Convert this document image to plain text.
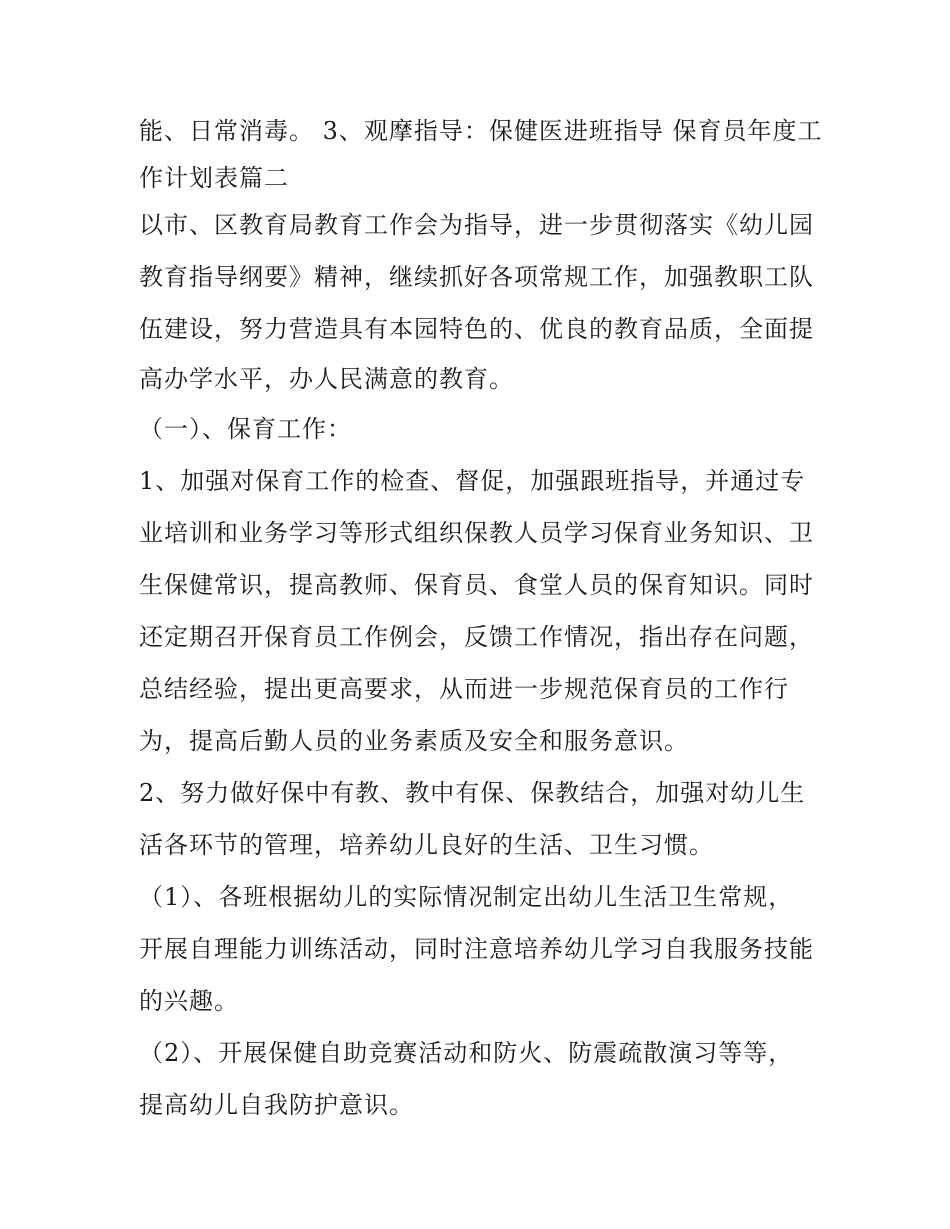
能、日常消毒。 3、观摩指导：保健医进班指导 保育员年度工
作计划表篇二
以市、区教育局教育工作会为指导，进一步贯彻落实《幼儿园
教育指导纲要》精神，继续抓好各项常规工作，加强教职工队
伍建设，努力营造具有本园特色的、优良的教育品质，全面提
高办学水平，办人民满意的教育。
（一）、保育工作：
1、加强对保育工作的检查、督促，加强跟班指导，并通过专
业培训和业务学习等形式组织保教人员学习保育业务知识、卫
生保健常识，提高教师、保育员、食堂人员的保育知识。同时
还定期召开保育员工作例会，反馈工作情况，指出存在问题，
总结经验，提出更高要求，从而进一步规范保育员的工作行
为，提高后勤人员的业务素质及安全和服务意识。
2、努力做好保中有教、教中有保、保教结合，加强对幼儿生
活各环节的管理，培养幼儿良好的生活、卫生习惯。
（1）、各班根据幼儿的实际情况制定出幼儿生活卫生常规，
开展自理能力训练活动，同时注意培养幼儿学习自我服务技能
的兴趣。
（2）、开展保健自助竞赛活动和防火、防震疏散演习等等，
提高幼儿自我防护意识。
